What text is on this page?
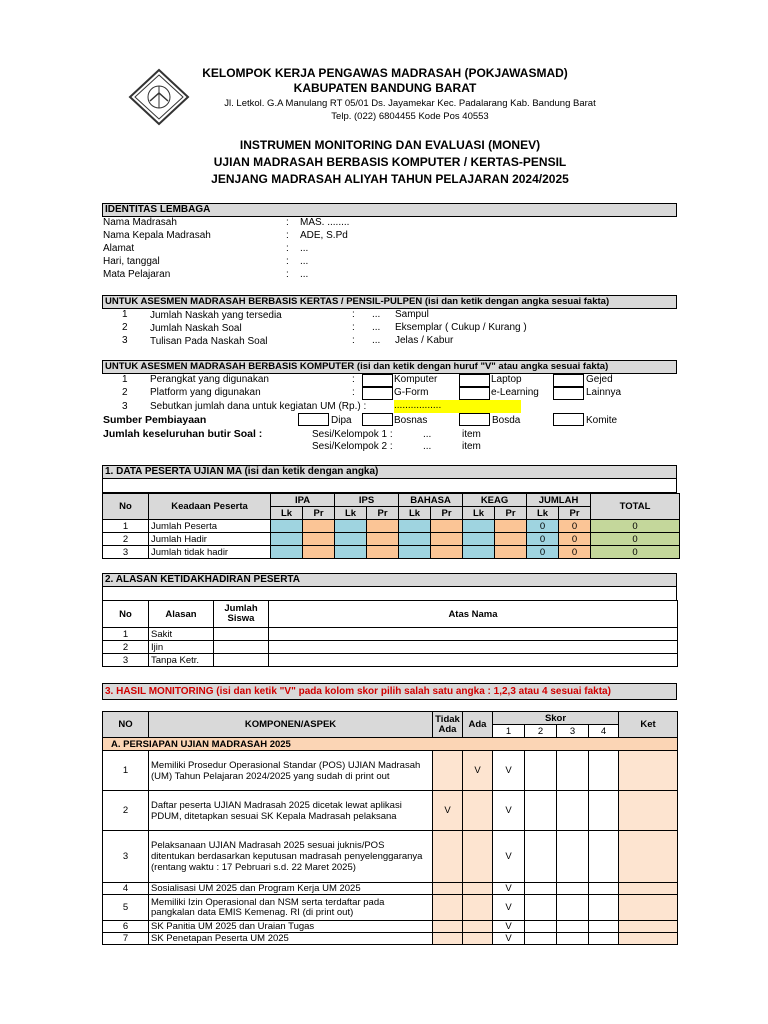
KELOMPOK KERJA PENGAWAS MADRASAH (POKJAWASMAD)
KABUPATEN BANDUNG BARAT
Jl. Letkol. G.A Manulang RT 05/01 Ds. Jayamekar Kec. Padalarang Kab. Bandung Barat
Telp. (022) 6804455 Kode Pos 40553
INSTRUMEN MONITORING DAN EVALUASI (MONEV)
UJIAN MADRASAH BERBASIS KOMPUTER / KERTAS-PENSIL
JENJANG MADRASAH ALIYAH TAHUN PELAJARAN 2024/2025
IDENTITAS LEMBAGA
Nama Madrasah	: MAS. ........
Nama Kepala Madrasah	: ADE, S.Pd
Alamat	: ...
Hari, tanggal	: ...
Mata Pelajaran	: ...
UNTUK ASESMEN MADRASAH BERBASIS KERTAS / PENSIL-PULPEN (isi dan ketik dengan angka sesuai fakta)
1 Jumlah Naskah yang tersedia	: ... Sampul
2 Jumlah Naskah Soal	: ... Eksemplar ( Cukup / Kurang )
3 Tulisan Pada Naskah Soal	: ... Jelas / Kabur
UNTUK ASESMEN MADRASAH BERBASIS KOMPUTER (isi dan ketik dengan huruf "V" atau angka sesuai fakta)
1 Perangkat yang digunakan	:	Komputer	Laptop	Gejed
2 Platform yang digunakan	:	G-Form	e-Learning	Lainnya
3 Sebutkan jumlah dana untuk kegiatan UM (Rp.) :	.................
Sumber Pembiayaan	Dipa	Bosnas	Bosda	Komite
Jumlah keseluruhan butir Soal :	Sesi/Kelompok 1 :	...	item
Sesi/Kelompok 2 :	...	item
1. DATA PESERTA UJIAN MA (isi dan ketik dengan angka)
No	Keadaan Peserta	IPA		IPS		BAHASA		KEAG		JUMLAH		TOTAL
		Lk	Pr	Lk	Pr	Lk	Pr	Lk	Pr	Lk	Pr	
1	Jumlah Peserta									0	0	0
2	Jumlah Hadir									0	0	0
3	Jumlah tidak hadir									0	0	0
2. ALASAN KETIDAKHADIRAN PESERTA
No	Alasan	Jumlah Siswa	Atas Nama
1	Sakit		
2	Ijin		
3	Tanpa Ketr.		
3. HASIL MONITORING (isi dan ketik "V" pada kolom skor pilih salah satu angka : 1,2,3 atau 4 sesuai fakta)
NO	KOMPONEN/ASPEK	Tidak Ada	Ada	Skor				Ket
				1	2	3	4	
A. PERSIAPAN UJIAN MADRASAH 2025								
1	Memiliki Prosedur Operasional Standar (POS) UJIAN Madrasah (UM) Tahun Pelajaran 2024/2025 yang sudah di print out		V	V				
2	Daftar peserta UJIAN Madrasah 2025 dicetak lewat aplikasi PDUM, ditetapkan sesuai SK Kepala Madrasah pelaksana	V		V				
3	Pelaksanaan UJIAN Madrasah 2025 sesuai juknis/POS ditentukan berdasarkan keputusan madrasah penyelenggaranya (rentang waktu : 17 Pebruari s.d. 22 Maret 2025)			V				
4	Sosialisasi UM 2025 dan Program Kerja UM 2025			V				
5	Memiliki Izin Operasional dan NSM serta terdaftar pada pangkalan data EMIS Kemenag. RI (di print out)			V				
6	SK Panitia UM 2025 dan Uraian Tugas			V				
7	SK Penetapan Peserta UM 2025			V				
